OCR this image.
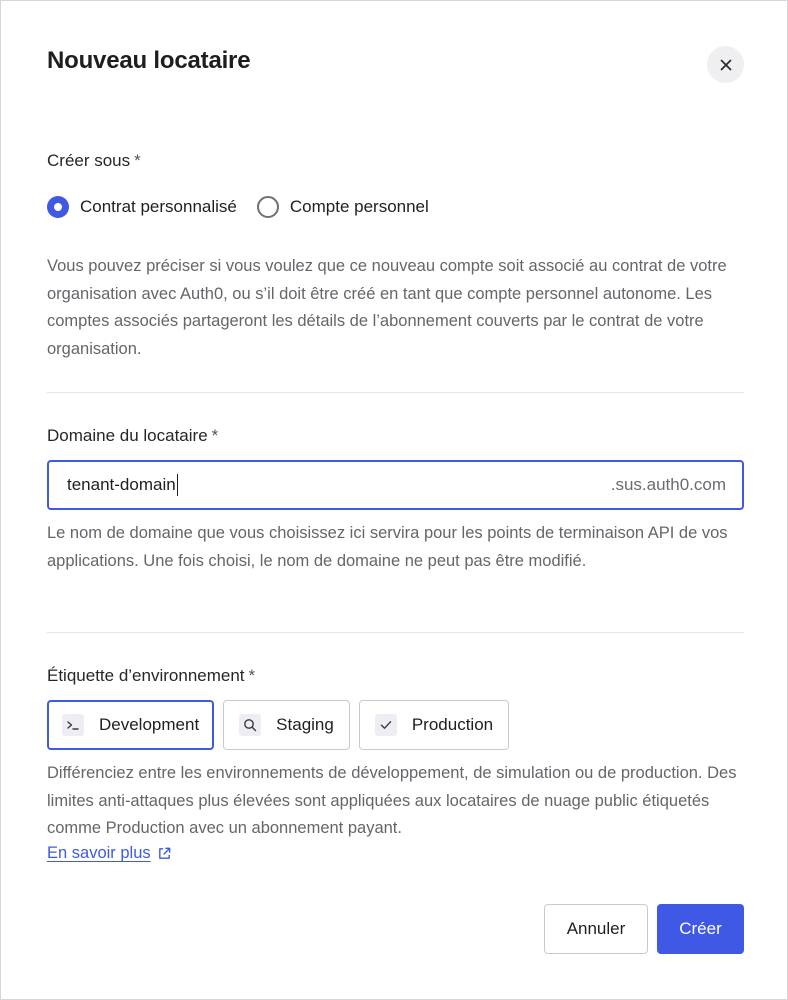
Nouveau locataire
Créer sous *
Contrat personnalisé	Compte personnel
Vous pouvez préciser si vous voulez que ce nouveau compte soit associé au contrat de votre organisation avec Auth0, ou s’il doit être créé en tant que compte personnel autonome. Les comptes associés partageront les détails de l’abonnement couverts par le contrat de votre organisation.
Domaine du locataire *
tenant-domain	.sus.auth0.com
Le nom de domaine que vous choisissez ici servira pour les points de terminaison API de vos applications. Une fois choisi, le nom de domaine ne peut pas être modifié.
Étiquette d’environnement *
Development	Staging	Production
Différenciez entre les environnements de développement, de simulation ou de production. Des limites anti-attaques plus élevées sont appliquées aux locataires de nuage public étiquetés comme Production avec un abonnement payant.
En savoir plus
Annuler	Créer
